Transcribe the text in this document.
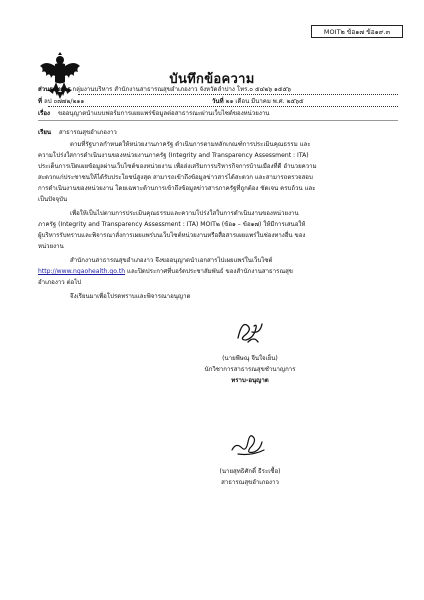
MOIT๒ ข้อ๑๗ ข้อ๑๙.๓
บันทึกข้อความ
ส่วนราชการ กลุ่มงานบริหาร สำนักงานสาธารณสุขอำเภองาว จังหวัดลำปาง โทร.๐ ๕๔๒๖ ๑๕๕๖
ที่ ลป ๐๗๗๒/๒๑๑	วันที่ ๒๑ เดือน มีนาคม พ.ศ. ๒๕๖๕
เรื่อง ขออนุญาตนำแบบฟอร์มการเผยแพร่ข้อมูลต่อสาธารณะผ่านเว็บไซต์ของหน่วยงาน
เรียน สาธารณสุขอำเภองาว
ตามที่รัฐบาลกำหนดให้หน่วยงานภาครัฐ ดำเนินการตามหลักเกณฑ์การประเมินคุณธรรม และ
ความโปร่งใสการดำเนินงานของหน่วยงานภาครัฐ (Integrity and Transparency Assessment : ITA)
ประเด็นการเปิดเผยข้อมูลผ่านเว็บไซต์ของหน่วยงาน เพื่อส่งเสริมการบริหารกิจการบ้านเมืองที่ดี อำนวยความ
สะดวกแก่ประชาชนให้ได้รับประโยชน์สูงสุด สามารถเข้าถึงข้อมูลข่าวสารได้สะดวก และสามารถตรวจสอบ
การดำเนินงานของหน่วยงาน โดยเฉพาะด้านการเข้าถึงข้อมูลข่าวสารภาครัฐที่ถูกต้อง ชัดเจน ครบถ้วน และ
เป็นปัจจุบัน
เพื่อให้เป็นไปตามการประเมินคุณธรรมและความโปร่งใสในการดำเนินงานของหน่วยงาน
ภาครัฐ (Integrity and Transparency Assessment : ITA) MOIT๒ (ข้อ๑ – ข้อ๑๗) ให้มีการเสนอให้
ผู้บริหารรับทราบและพิจารณาสั่งการเผยแพร่บนเว็บไซต์หน่วยงานหรือสื่อสารเผยแพร่ในช่องทางอื่น ของ
หน่วยงาน
สำนักงานสาธารณสุขอำเภองาว จึงขออนุญาตนำเอกสารไปเผยแพร่ในเว็บไซต์
http://www.ngaohealth.go.th และปิดประกาศที่บอร์ดประชาสัมพันธ์ ของสำนักงานสาธารณสุข
อำเภองาว ต่อไป
จึงเรียนมาเพื่อโปรดทราบและพิจารณาอนุญาต
(นายพีษณุ จีนใจเย็น)
นักวิชาการสาธารณสุขชำนาญการ
ทราบ-อนุญาต
(นายสุทธิศักดิ์ ธีระเชื้อ)
สาธารณสุขอำเภองาว
